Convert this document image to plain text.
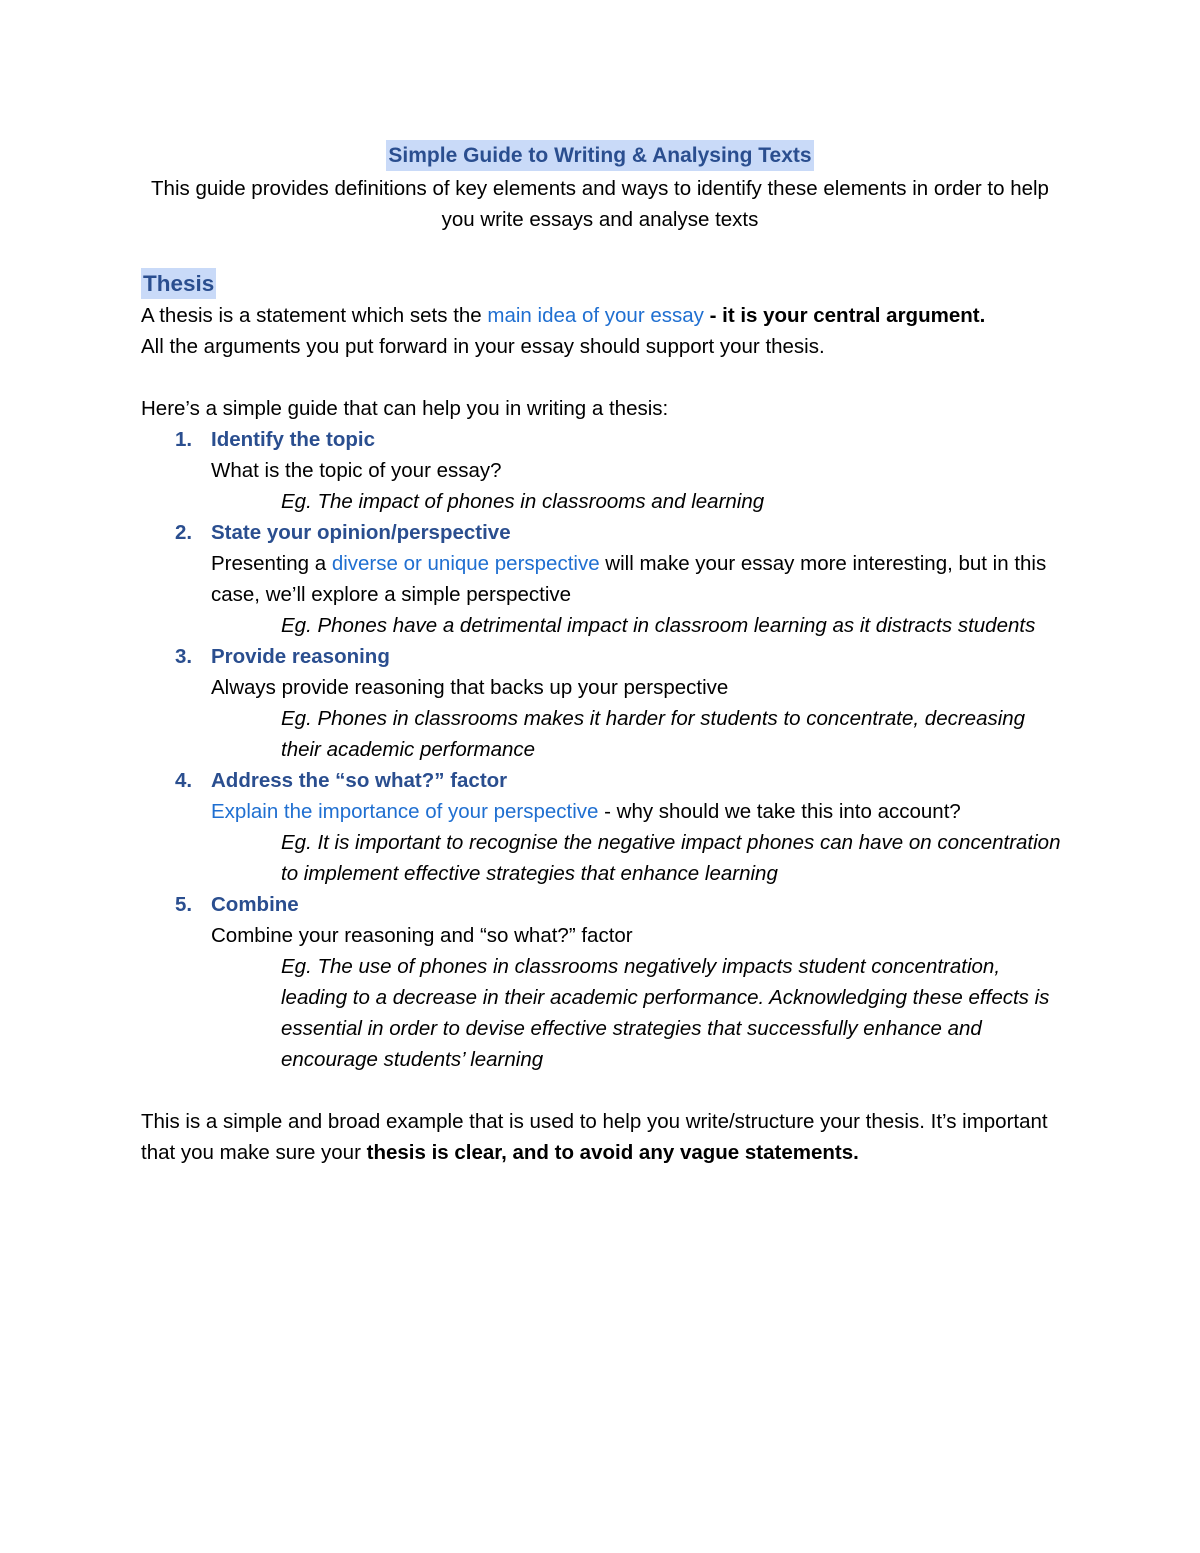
Simple Guide to Writing & Analysing Texts

This guide provides definitions of key elements and ways to identify these elements in order to help you write essays and analyse texts

Thesis

A thesis is a statement which sets the main idea of your essay - it is your central argument.

All the arguments you put forward in your essay should support your thesis.

Here’s a simple guide that can help you in writing a thesis:

1. Identify the topic
What is the topic of your essay?
Eg. The impact of phones in classrooms and learning
2. State your opinion/perspective
Presenting a diverse or unique perspective will make your essay more interesting, but in this case, we’ll explore a simple perspective
Eg. Phones have a detrimental impact in classroom learning as it distracts students
3. Provide reasoning
Always provide reasoning that backs up your perspective
Eg. Phones in classrooms makes it harder for students to concentrate, decreasing their academic performance
4. Address the “so what?” factor
Explain the importance of your perspective - why should we take this into account?
Eg. It is important to recognise the negative impact phones can have on concentration to implement effective strategies that enhance learning
5. Combine
Combine your reasoning and “so what?” factor
Eg. The use of phones in classrooms negatively impacts student concentration, leading to a decrease in their academic performance. Acknowledging these effects is essential in order to devise effective strategies that successfully enhance and encourage students’ learning

This is a simple and broad example that is used to help you write/structure your thesis. It’s important that you make sure your thesis is clear, and to avoid any vague statements.
